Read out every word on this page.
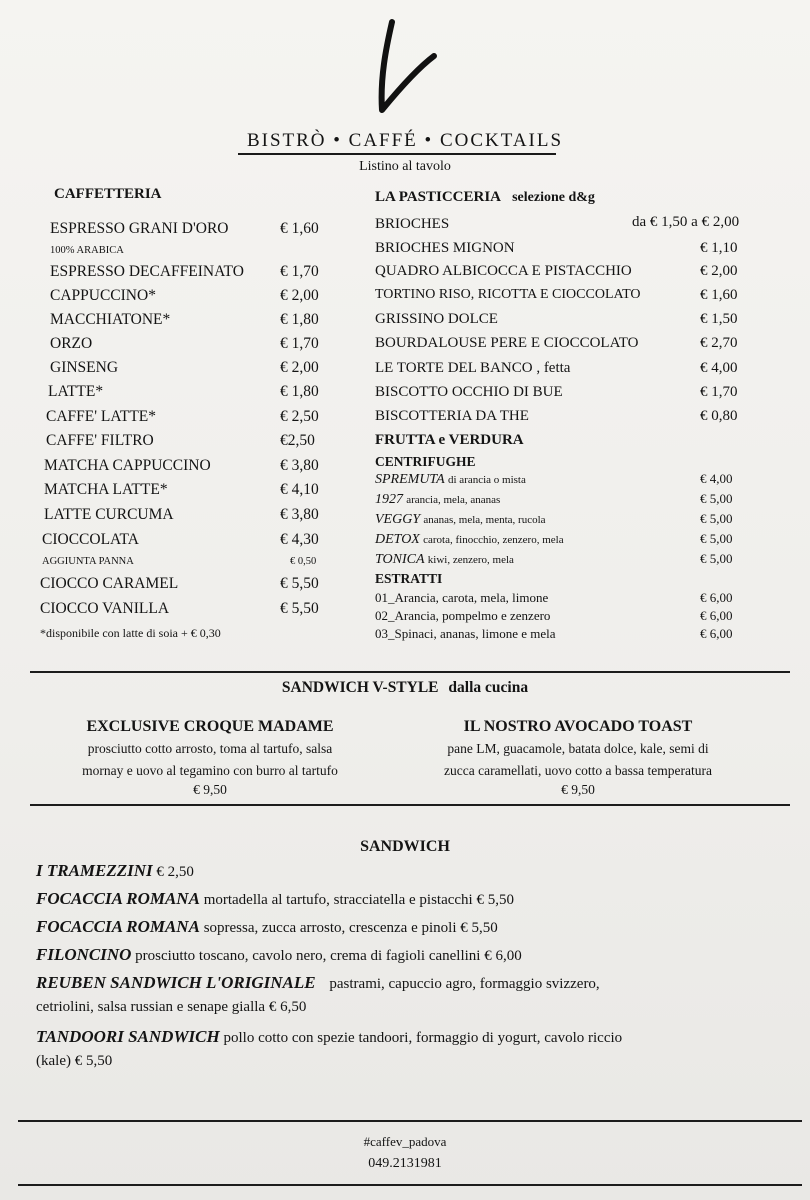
BISTRÒ • CAFFÉ • COCKTAILS
Listino al tavolo
CAFFETTERIA
ESPRESSO GRANI D'ORO	€ 1,60
100% ARABICA
ESPRESSO DECAFFEINATO € 1,70
CAPPUCCINO*	€ 2,00
MACCHIATONE*	€ 1,80
ORZO	€ 1,70
GINSENG	€ 2,00
LATTE*	€ 1,80
CAFFE' LATTE*	€ 2,50
CAFFE' FILTRO	€2,50
MATCHA CAPPUCCINO	€ 3,80
MATCHA LATTE*	€ 4,10
LATTE CURCUMA	€ 3,80
CIOCCOLATA	€ 4,30
AGGIUNTA PANNA	€ 0,50
CIOCCO CARAMEL	€ 5,50
CIOCCO VANILLA	€ 5,50
*disponibile con latte di soia + € 0,30
LA PASTICCERIA selezione d&g
BRIOCHES	da € 1,50 a € 2,00
BRIOCHES MIGNON	€ 1,10
QUADRO ALBICOCCA E PISTACCHIO	€ 2,00
TORTINO RISO, RICOTTA E CIOCCOLATO	€ 1,60
GRISSINO DOLCE	€ 1,50
BOURDALOUSE PERE E CIOCCOLATO	€ 2,70
LE TORTE DEL BANCO , fetta	€ 4,00
BISCOTTO OCCHIO DI BUE	€ 1,70
BISCOTTERIA DA THE	€ 0,80
FRUTTA e VERDURA
CENTRIFUGHE
SPREMUTA di arancia o mista	€ 4,00
1927 arancia, mela, ananas	€ 5,00
VEGGY ananas, mela, menta, rucola	€ 5,00
DETOX carota, finocchio, zenzero, mela	€ 5,00
TONICA kiwi, zenzero, mela	€ 5,00
ESTRATTI
01_Arancia, carota, mela, limone	€ 6,00
02_Arancia, pompelmo e zenzero	€ 6,00
03_Spinaci, ananas, limone e mela	€ 6,00
SANDWICH V-STYLE dalla cucina
EXCLUSIVE CROQUE MADAME
prosciutto cotto arrosto, toma al tartufo, salsa
mornay e uovo al tegamino con burro al tartufo
€ 9,50
IL NOSTRO AVOCADO TOAST
pane LM, guacamole, batata dolce, kale, semi di
zucca caramellati, uovo cotto a bassa temperatura
€ 9,50
SANDWICH
I TRAMEZZINI € 2,50
FOCACCIA ROMANA mortadella al tartufo, stracciatella e pistacchi € 5,50
FOCACCIA ROMANA sopressa, zucca arrosto, crescenza e pinoli € 5,50
FILONCINO prosciutto toscano, cavolo nero, crema di fagioli canellini € 6,00
REUBEN SANDWICH L'ORIGINALE pastrami, capuccio agro, formaggio svizzero,
cetriolini, salsa russian e senape gialla € 6,50
TANDOORI SANDWICH pollo cotto con spezie tandoori, formaggio di yogurt, cavolo riccio
(kale) € 5,50
#caffev_padova
049.2131981
